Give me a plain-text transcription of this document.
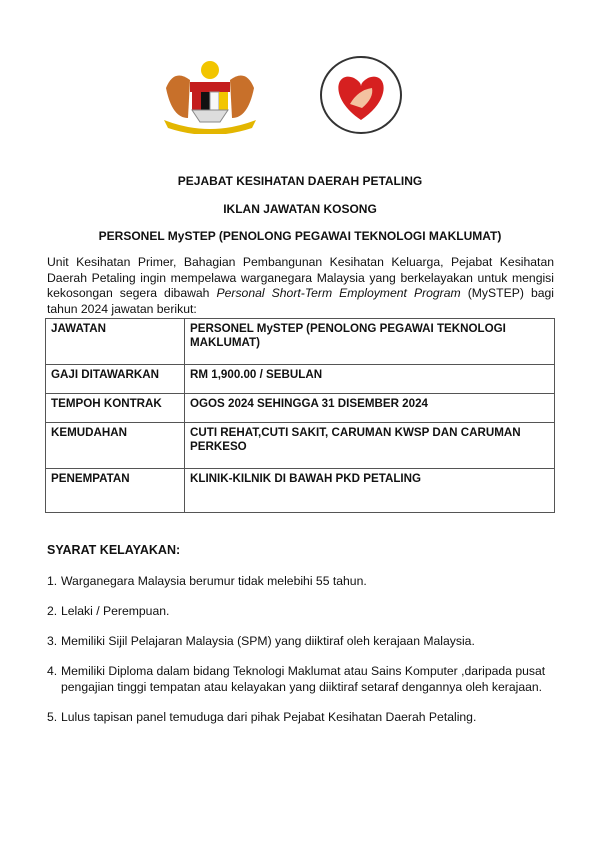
PEJABAT KESIHATAN DAERAH PETALING
IKLAN JAWATAN KOSONG
PERSONEL MySTEP (PENOLONG PEGAWAI TEKNOLOGI MAKLUMAT)
Unit Kesihatan Primer, Bahagian Pembangunan Kesihatan Keluarga, Pejabat Kesihatan Daerah Petaling ingin mempelawa warganegara Malaysia yang berkelayakan untuk mengisi kekosongan segera dibawah Personal Short-Term Employment Program (MySTEP) bagi tahun 2024 jawatan berikut:
JAWATAN	PERSONEL MySTEP (PENOLONG PEGAWAI TEKNOLOGI MAKLUMAT)
GAJI DITAWARKAN	RM 1,900.00 / SEBULAN
TEMPOH KONTRAK	OGOS 2024 SEHINGGA 31 DISEMBER 2024
KEMUDAHAN	CUTI REHAT,CUTI SAKIT, CARUMAN KWSP DAN CARUMAN PERKESO
PENEMPATAN	KLINIK-KILNIK DI BAWAH PKD PETALING
SYARAT KELAYAKAN:
1. Warganegara Malaysia berumur tidak melebihi 55 tahun.
2. Lelaki / Perempuan.
3. Memiliki Sijil Pelajaran Malaysia (SPM) yang diiktiraf oleh kerajaan Malaysia.
4. Memiliki Diploma dalam bidang Teknologi Maklumat atau Sains Komputer ,daripada pusat pengajian tinggi tempatan atau kelayakan yang diiktiraf setaraf dengannya oleh kerajaan.
5. Lulus tapisan panel temuduga dari pihak Pejabat Kesihatan Daerah Petaling.
